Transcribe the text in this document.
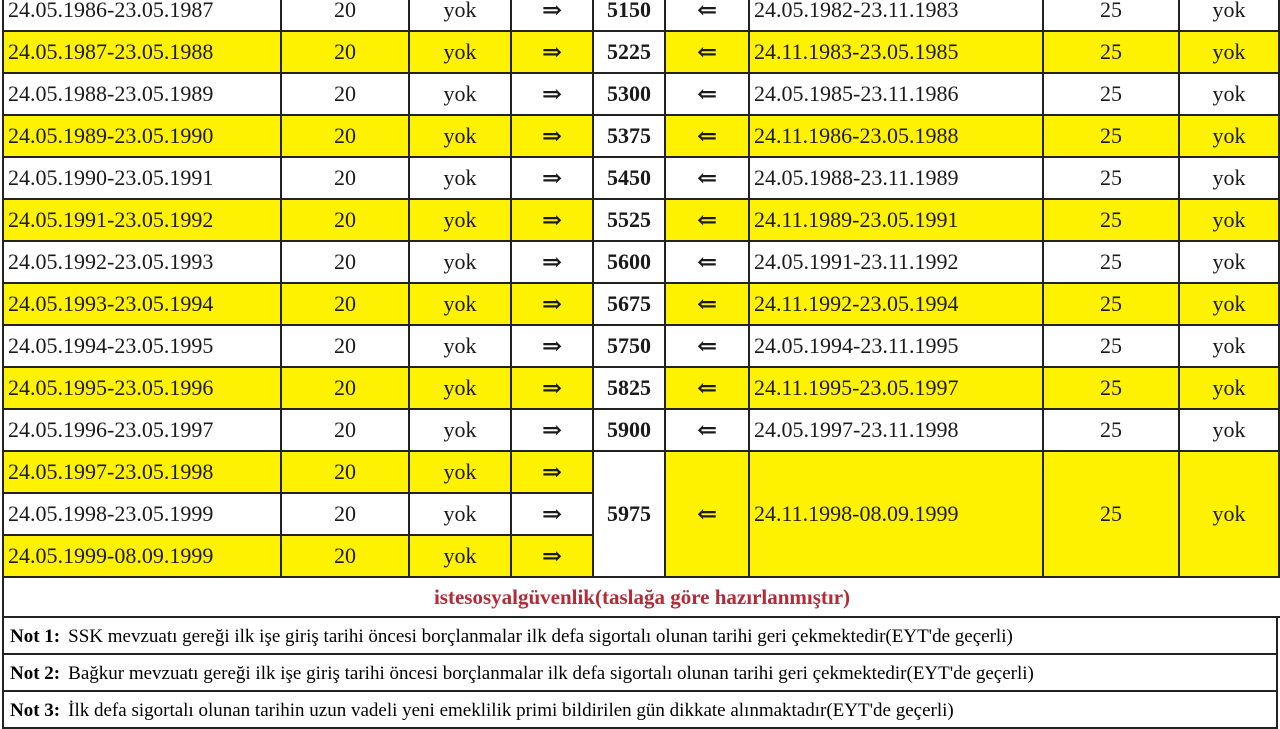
24.05.1986-23.05.1987	20	yok	⇒	5150	⇐	24.05.1982-23.11.1983	25	yok
24.05.1987-23.05.1988	20	yok	⇒	5225	⇐	24.11.1983-23.05.1985	25	yok
24.05.1988-23.05.1989	20	yok	⇒	5300	⇐	24.05.1985-23.11.1986	25	yok
24.05.1989-23.05.1990	20	yok	⇒	5375	⇐	24.11.1986-23.05.1988	25	yok
24.05.1990-23.05.1991	20	yok	⇒	5450	⇐	24.05.1988-23.11.1989	25	yok
24.05.1991-23.05.1992	20	yok	⇒	5525	⇐	24.11.1989-23.05.1991	25	yok
24.05.1992-23.05.1993	20	yok	⇒	5600	⇐	24.05.1991-23.11.1992	25	yok
24.05.1993-23.05.1994	20	yok	⇒	5675	⇐	24.11.1992-23.05.1994	25	yok
24.05.1994-23.05.1995	20	yok	⇒	5750	⇐	24.05.1994-23.11.1995	25	yok
24.05.1995-23.05.1996	20	yok	⇒	5825	⇐	24.11.1995-23.05.1997	25	yok
24.05.1996-23.05.1997	20	yok	⇒	5900	⇐	24.05.1997-23.11.1998	25	yok
24.05.1997-23.05.1998	20	yok	⇒	5975	⇐	24.11.1998-08.09.1999	25	yok
24.05.1998-23.05.1999	20	yok	⇒					
24.05.1999-08.09.1999	20	yok	⇒					
istesosyalgüvenlik(taslağa göre hazırlanmıştır)
Not 1: SSK mevzuatı gereği ilk işe giriş tarihi öncesi borçlanmalar ilk defa sigortalı olunan tarihi geri çekmektedir(EYT'de geçerli)
Not 2: Bağkur mevzuatı gereği ilk işe giriş tarihi öncesi borçlanmalar ilk defa sigortalı olunan tarihi geri çekmektedir(EYT'de geçerli)
Not 3: İlk defa sigortalı olunan tarihin uzun vadeli yeni emeklilik primi bildirilen gün dikkate alınmaktadır(EYT'de geçerli)
